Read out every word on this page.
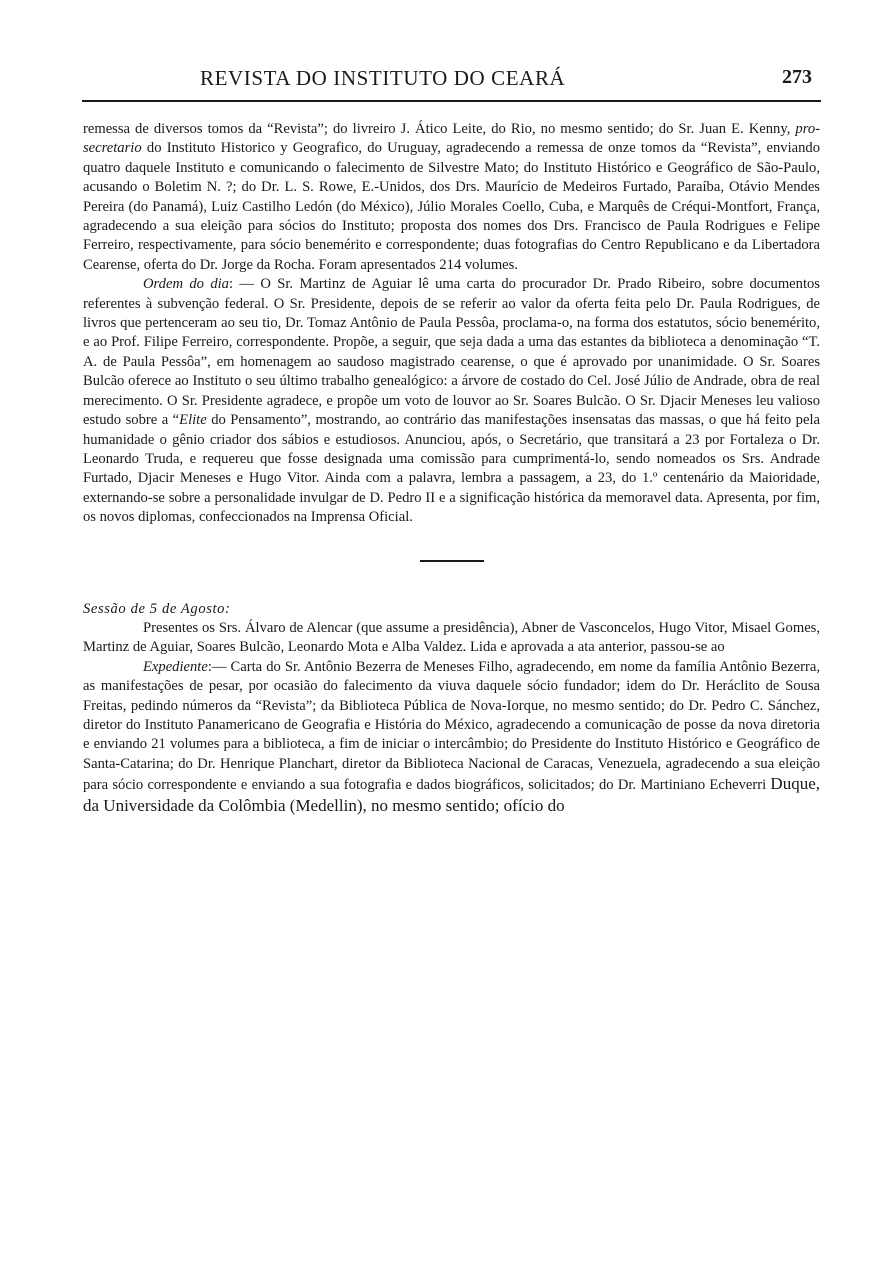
REVISTA DO INSTITUTO DO CEARÁ	273

remessa de diversos tomos da “Revista”; do livreiro J. Ático Leite, do Rio, no mesmo sentido; do Sr. Juan E. Kenny, pro-secretario do Instituto Historico y Geografico, do Uruguay, agradecendo a remessa de onze tomos da “Revista”, enviando quatro daquele Instituto e comunicando o falecimento de Silvestre Mato; do Instituto Histórico e Geográfico de São-Paulo, acusando o Boletim N. ?; do Dr. L. S. Rowe, E.-Unidos, dos Drs. Maurício de Medeiros Furtado, Paraíba, Otávio Mendes Pereira (do Panamá), Luiz Castilho Ledón (do México), Júlio Morales Coello, Cuba, e Marquês de Créqui-Montfort, França, agradecendo a sua eleição para sócios do Instituto; proposta dos nomes dos Drs. Francisco de Paula Rodrigues e Felipe Ferreiro, respectivamente, para sócio benemérito e correspondente; duas fotografias do Centro Republicano e da Libertadora Cearense, oferta do Dr. Jorge da Rocha. Foram apresentados 214 volumes.

Ordem do dia: — O Sr. Martinz de Aguiar lê uma carta do procurador Dr. Prado Ribeiro, sobre documentos referentes à subvenção federal. O Sr. Presidente, depois de se referir ao valor da oferta feita pelo Dr. Paula Rodrigues, de livros que pertenceram ao seu tio, Dr. Tomaz Antônio de Paula Pessôa, proclama-o, na forma dos estatutos, sócio benemérito, e ao Prof. Filipe Ferreiro, correspondente. Propõe, a seguir, que seja dada a uma das estantes da biblioteca a denominação “T. A. de Paula Pessôa”, em homenagem ao saudoso magistrado cearense, o que é aprovado por unanimidade. O Sr. Soares Bulcão oferece ao Instituto o seu último trabalho genealógico: a árvore de costado do Cel. José Júlio de Andrade, obra de real merecimento. O Sr. Presidente agradece, e propõe um voto de louvor ao Sr. Soares Bulcão. O Sr. Djacir Meneses leu valioso estudo sobre a “Elite do Pensamento”, mostrando, ao contrário das manifestações insensatas das massas, o que há feito pela humanidade o gênio criador dos sábios e estudiosos. Anunciou, após, o Secretário, que transitará a 23 por Fortaleza o Dr. Leonardo Truda, e requereu que fosse designada uma comissão para cumprimentá-lo, sendo nomeados os Srs. Andrade Furtado, Djacir Meneses e Hugo Vitor. Ainda com a palavra, lembra a passagem, a 23, do 1.º centenário da Maioridade, externando-se sobre a personalidade invulgar de D. Pedro II e a significação histórica da memoravel data. Apresenta, por fim, os novos diplomas, confeccionados na Imprensa Oficial.

Sessão de 5 de Agosto:

Presentes os Srs. Álvaro de Alencar (que assume a presidência), Abner de Vasconcelos, Hugo Vitor, Misael Gomes, Martinz de Aguiar, Soares Bulcão, Leonardo Mota e Alba Valdez. Lida e aprovada a ata anterior, passou-se ao

Expediente:— Carta do Sr. Antônio Bezerra de Meneses Filho, agradecendo, em nome da família Antônio Bezerra, as manifestações de pesar, por ocasião do falecimento da viuva daquele sócio fundador; idem do Dr. Heráclito de Sousa Freitas, pedindo números da “Revista”; da Biblioteca Pública de Nova-Iorque, no mesmo sentido; do Dr. Pedro C. Sánchez, diretor do Instituto Panamericano de Geografia e História do México, agradecendo a comunicação de posse da nova diretoria e enviando 21 volumes para a biblioteca, a fim de iniciar o intercâmbio; do Presidente do Instituto Histórico e Geográfico de Santa-Catarina; do Dr. Henrique Planchart, diretor da Biblioteca Nacional de Caracas, Venezuela, agradecendo a sua eleição para sócio correspondente e enviando a sua fotografia e dados biográficos, solicitados; do Dr. Martiniano Echeverri Duque, da Universidade da Colômbia (Medellin), no mesmo sentido; ofício do
